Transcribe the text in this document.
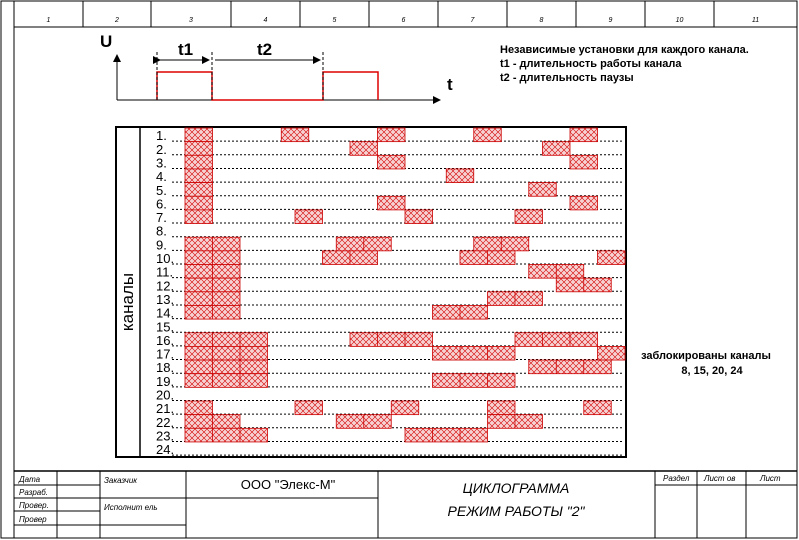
1	2	3	4	5	6	7	8	9	10	11
U
t
t1	t2	Независимые установки для каждого канала.
t1 - длительность работы канала
t2 - длительность паузы
каналы
1.
2.
3.
4.
5.
6.
7.
8.
9.
10.
11.
12.
13.
14.
15.
16.
17.
18.
19.
20.
21.
22.
23.
24.
заблокированы каналы
8, 15, 20, 24
Дата
Разраб.
Провер.
Провер
Заказчик
Исполнит ель
Раздел Лист ов	Лист
ООО "Элекс-М"	ЦИКЛОГРАММА
РЕЖИМ РАБОТЫ "2"
